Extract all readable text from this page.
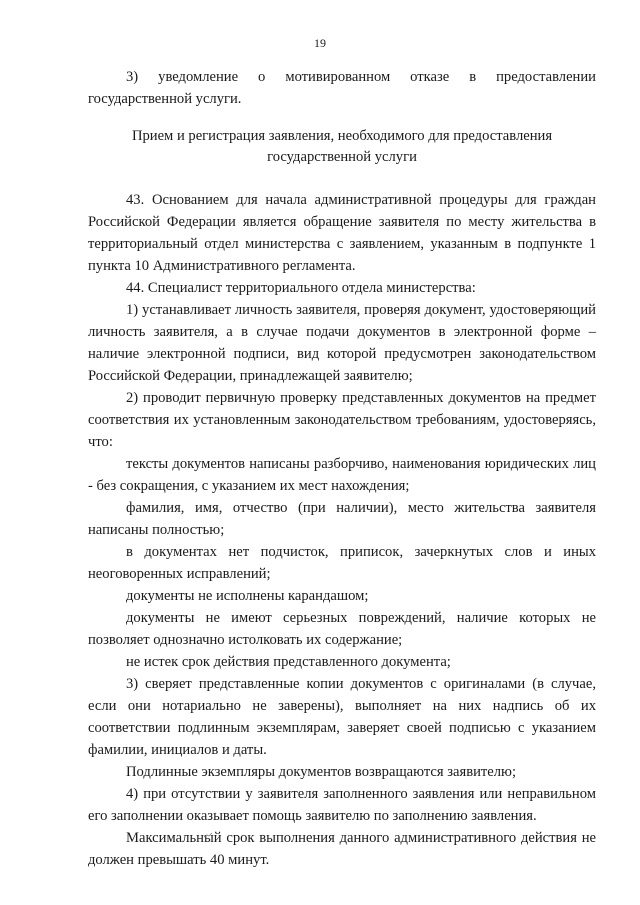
19

3) уведомление о мотивированном отказе в предоставлении государственной услуги.

Прием и регистрация заявления, необходимого для предоставления государственной услуги

43. Основанием для начала административной процедуры для граждан Российской Федерации является обращение заявителя по месту жительства в территориальный отдел министерства с заявлением, указанным в подпункте 1 пункта 10 Административного регламента.

44. Специалист территориального отдела министерства:

1) устанавливает личность заявителя, проверяя документ, удостоверяющий личность заявителя, а в случае подачи документов в электронной форме – наличие электронной подписи, вид которой предусмотрен законодательством Российской Федерации, принадлежащей заявителю;

2) проводит первичную проверку представленных документов на предмет соответствия их установленным законодательством требованиям, удостоверяясь, что:

тексты документов написаны разборчиво, наименования юридических лиц - без сокращения, с указанием их мест нахождения;

фамилия, имя, отчество (при наличии), место жительства заявителя написаны полностью;

в документах нет подчисток, приписок, зачеркнутых слов и иных неоговоренных исправлений;

документы не исполнены карандашом;

документы не имеют серьезных повреждений, наличие которых не позволяет однозначно истолковать их содержание;

не истек срок действия представленного документа;

3) сверяет представленные копии документов с оригиналами (в случае, если они нотариально не заверены), выполняет на них надпись об их соответствии подлинным экземплярам, заверяет своей подписью с указанием фамилии, инициалов и даты.

Подлинные экземпляры документов возвращаются заявителю;

4) при отсутствии у заявителя заполненного заявления или неправильном его заполнении оказывает помощь заявителю по заполнению заявления.

Максимальный срок выполнения данного административного действия не должен превышать 40 минут.
